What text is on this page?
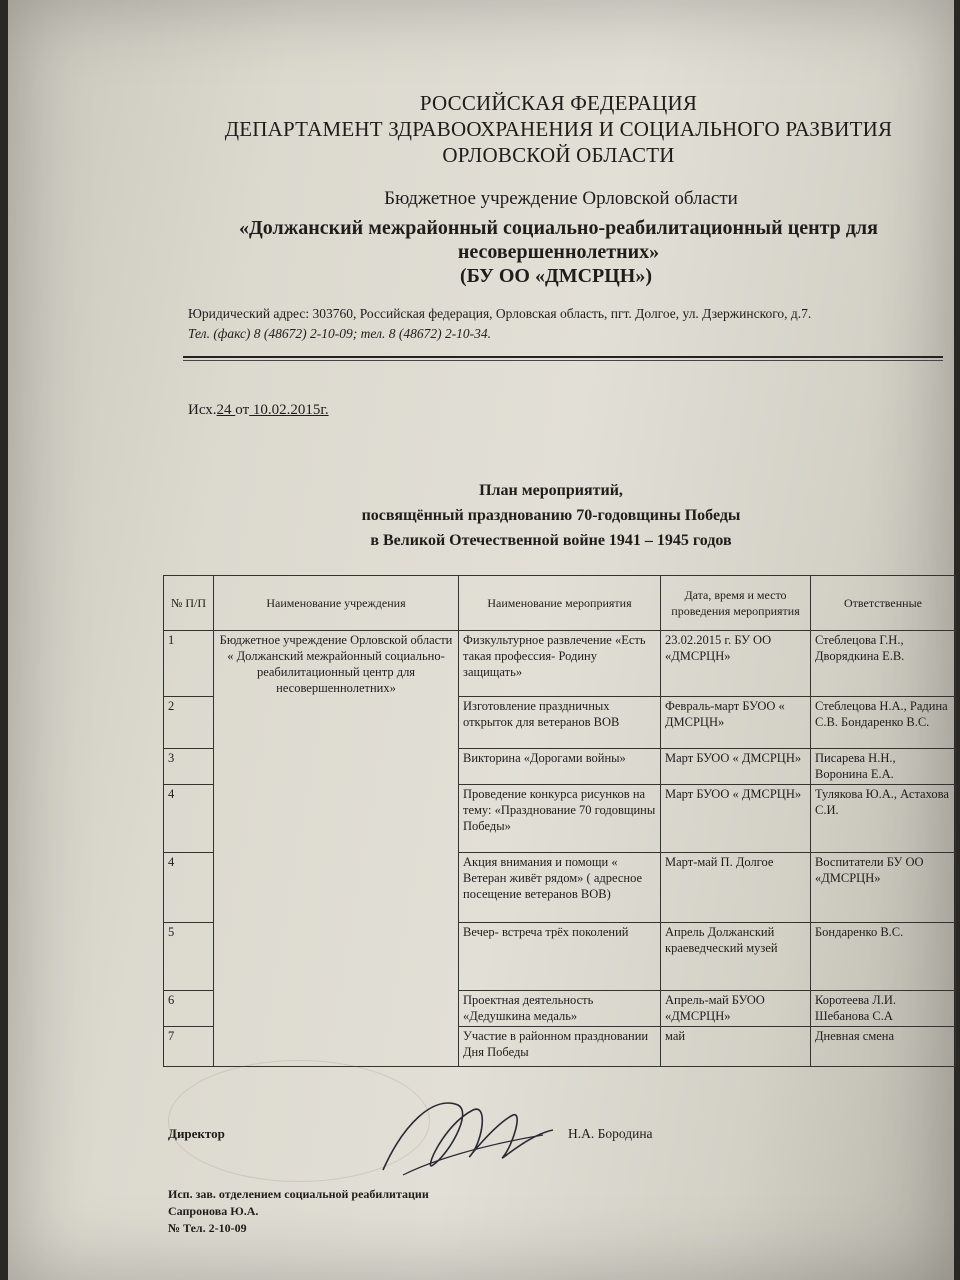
РОССИЙСКАЯ ФЕДЕРАЦИЯ
ДЕПАРТАМЕНТ ЗДРАВООХРАНЕНИЯ И СОЦИАЛЬНОГО РАЗВИТИЯ
ОРЛОВСКОЙ ОБЛАСТИ
Бюджетное учреждение Орловской области
«Должанский межрайонный социально-реабилитационный центр для
несовершеннолетних»
(БУ ОО «ДМСРЦН»)
Юридический адрес: 303760, Российская федерация, Орловская область, пгт. Долгое, ул. Дзержинского, д.7.
Тел. (факс) 8 (48672) 2-10-09; тел. 8 (48672) 2-10-34.
Исх.24 от 10.02.2015г.
План мероприятий,
посвящённый празднованию 70-годовщины Победы
в Великой Отечественной войне 1941 – 1945 годов
№ П/П	Наименование учреждения	Наименование мероприятия	Дата, время и место проведения мероприятия	Ответственные
1	Бюджетное учреждение Орловской области « Должанский межрайонный социально-реабилитационный центр для несовершеннолетних»	Физкультурное развлечение «Есть такая профессия- Родину защищать»	23.02.2015 г. БУ ОО «ДМСРЦН»	Стеблецова Г.Н., Дворядкина Е.В.
2		Изготовление праздничных открыток для ветеранов ВОВ	Февраль-март БУОО « ДМСРЦН»	Стеблецова Н.А., Радина С.В. Бондаренко В.С.
3		Викторина «Дорогами войны»	Март БУОО « ДМСРЦН»	Писарева Н.Н., Воронина Е.А.
4		Проведение конкурса рисунков на тему: «Празднование 70 годовщины Победы»	Март БУОО « ДМСРЦН»	Тулякова Ю.А., Астахова С.И.
4		Акция внимания и помощи « Ветеран живёт рядом» ( адресное посещение ветеранов ВОВ)	Март-май П. Долгое	Воспитатели БУ ОО «ДМСРЦН»
5		Вечер- встреча трёх поколений	Апрель Должанский краеведческий музей	Бондаренко В.С.
6		Проектная деятельность «Дедушкина медаль»	Апрель-май БУОО «ДМСРЦН»	Коротеева Л.И. Шебанова С.А
7		Участие в районном праздновании Дня Победы	май	Дневная смена
Директор	Н.А. Бородина
Исп. зав. отделением социальной реабилитации
Сапронова Ю.А.
№ Тел. 2-10-09
